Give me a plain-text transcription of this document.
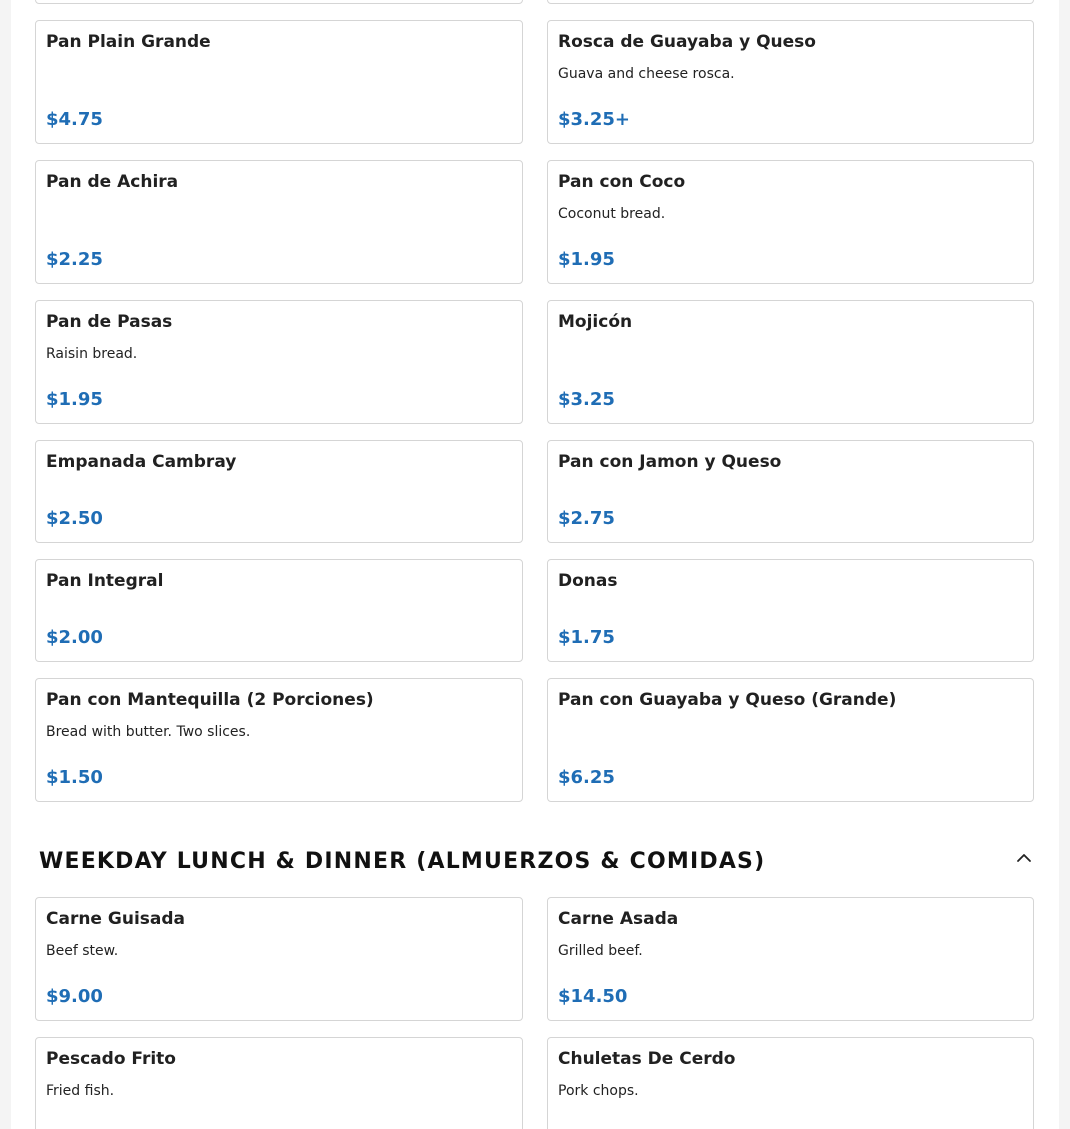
Pan Plain Grande
$4.75
Rosca de Guayaba y Queso
Guava and cheese rosca.
$3.25+
Pan de Achira
$2.25
Pan con Coco
Coconut bread.
$1.95
Pan de Pasas
Raisin bread.
$1.95
Mojicón
$3.25
Empanada Cambray
$2.50
Pan con Jamon y Queso
$2.75
Pan Integral
$2.00
Donas
$1.75
Pan con Mantequilla (2 Porciones)
Bread with butter. Two slices.
$1.50
Pan con Guayaba y Queso (Grande)
$6.25
WEEKDAY LUNCH & DINNER (ALMUERZOS & COMIDAS)
Carne Guisada
Beef stew.
$9.00
Carne Asada
Grilled beef.
$14.50
Pescado Frito
Fried fish.
Chuletas De Cerdo
Pork chops.
